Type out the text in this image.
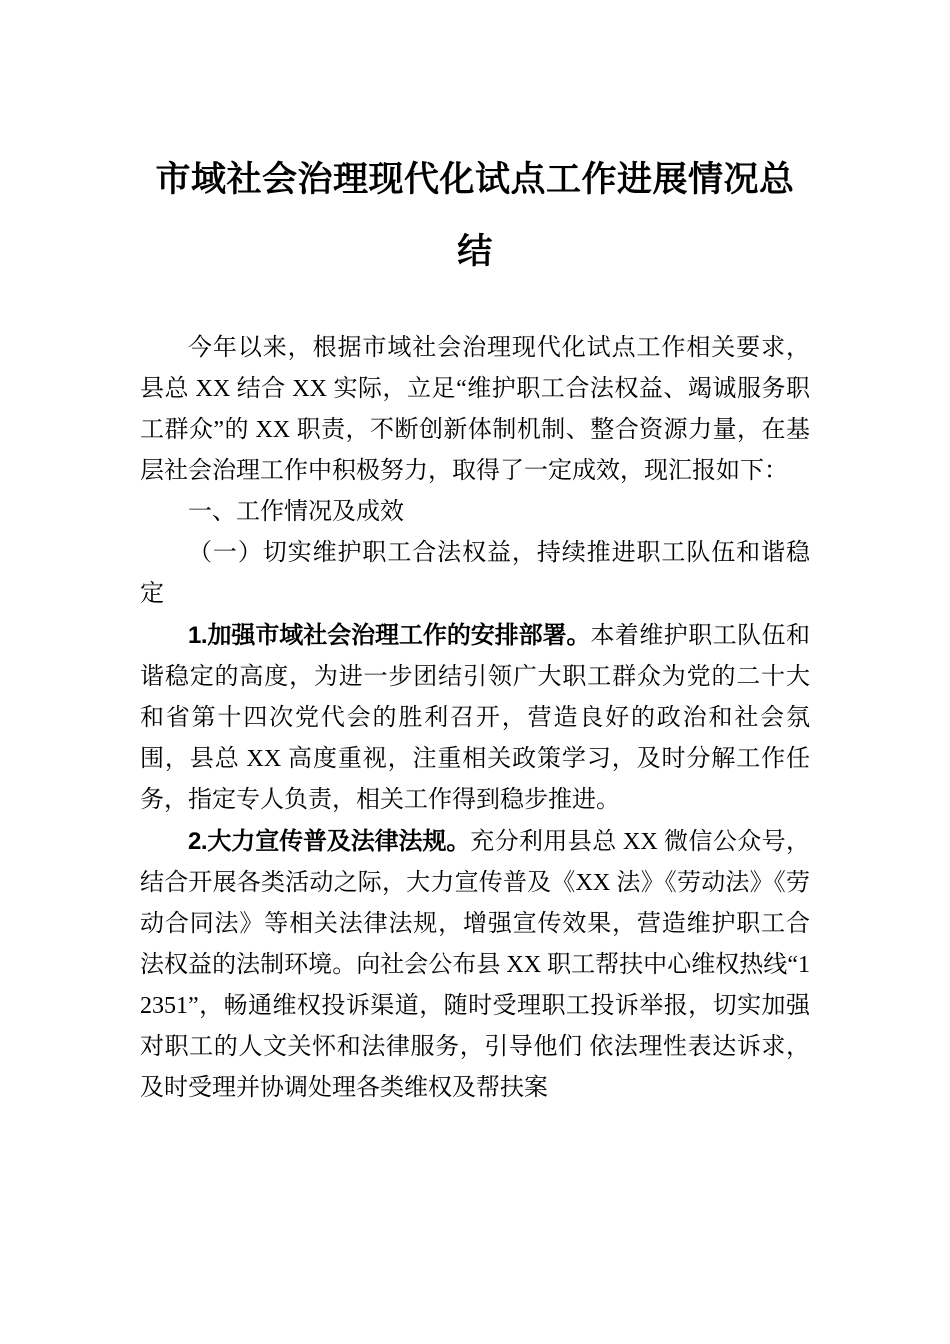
市域社会治理现代化试点工作进展情况总
结

今年以来，根据市域社会治理现代化试点工作相关要求，县总 XX 结合 XX 实际，立足“维护职工合法权益、竭诚服务职工群众”的 XX 职责，不断创新体制机制、整合资源力量，在基层社会治理工作中积极努力，取得了一定成效，现汇报如下：

一、工作情况及成效

（一）切实维护职工合法权益，持续推进职工队伍和谐稳定

1.加强市域社会治理工作的安排部署。本着维护职工队伍和谐稳定的高度，为进一步团结引领广大职工群众为党的二十大和省第十四次党代会的胜利召开，营造良好的政治和社会氛围，县总 XX 高度重视，注重相关政策学习，及时分解工作任务，指定专人负责，相关工作得到稳步推进。

2.大力宣传普及法律法规。充分利用县总 XX 微信公众号，结合开展各类活动之际，大力宣传普及《XX 法》《劳动法》《劳动合同法》等相关法律法规，增强宣传效果，营造维护职工合法权益的法制环境。向社会公布县 XX 职工帮扶中心维权热线“12351”，畅通维权投诉渠道，随时受理职工投诉举报，切实加强对职工的人文关怀和法律服务，引导他们 依法理性表达诉求，及时受理并协调处理各类维权及帮扶案
